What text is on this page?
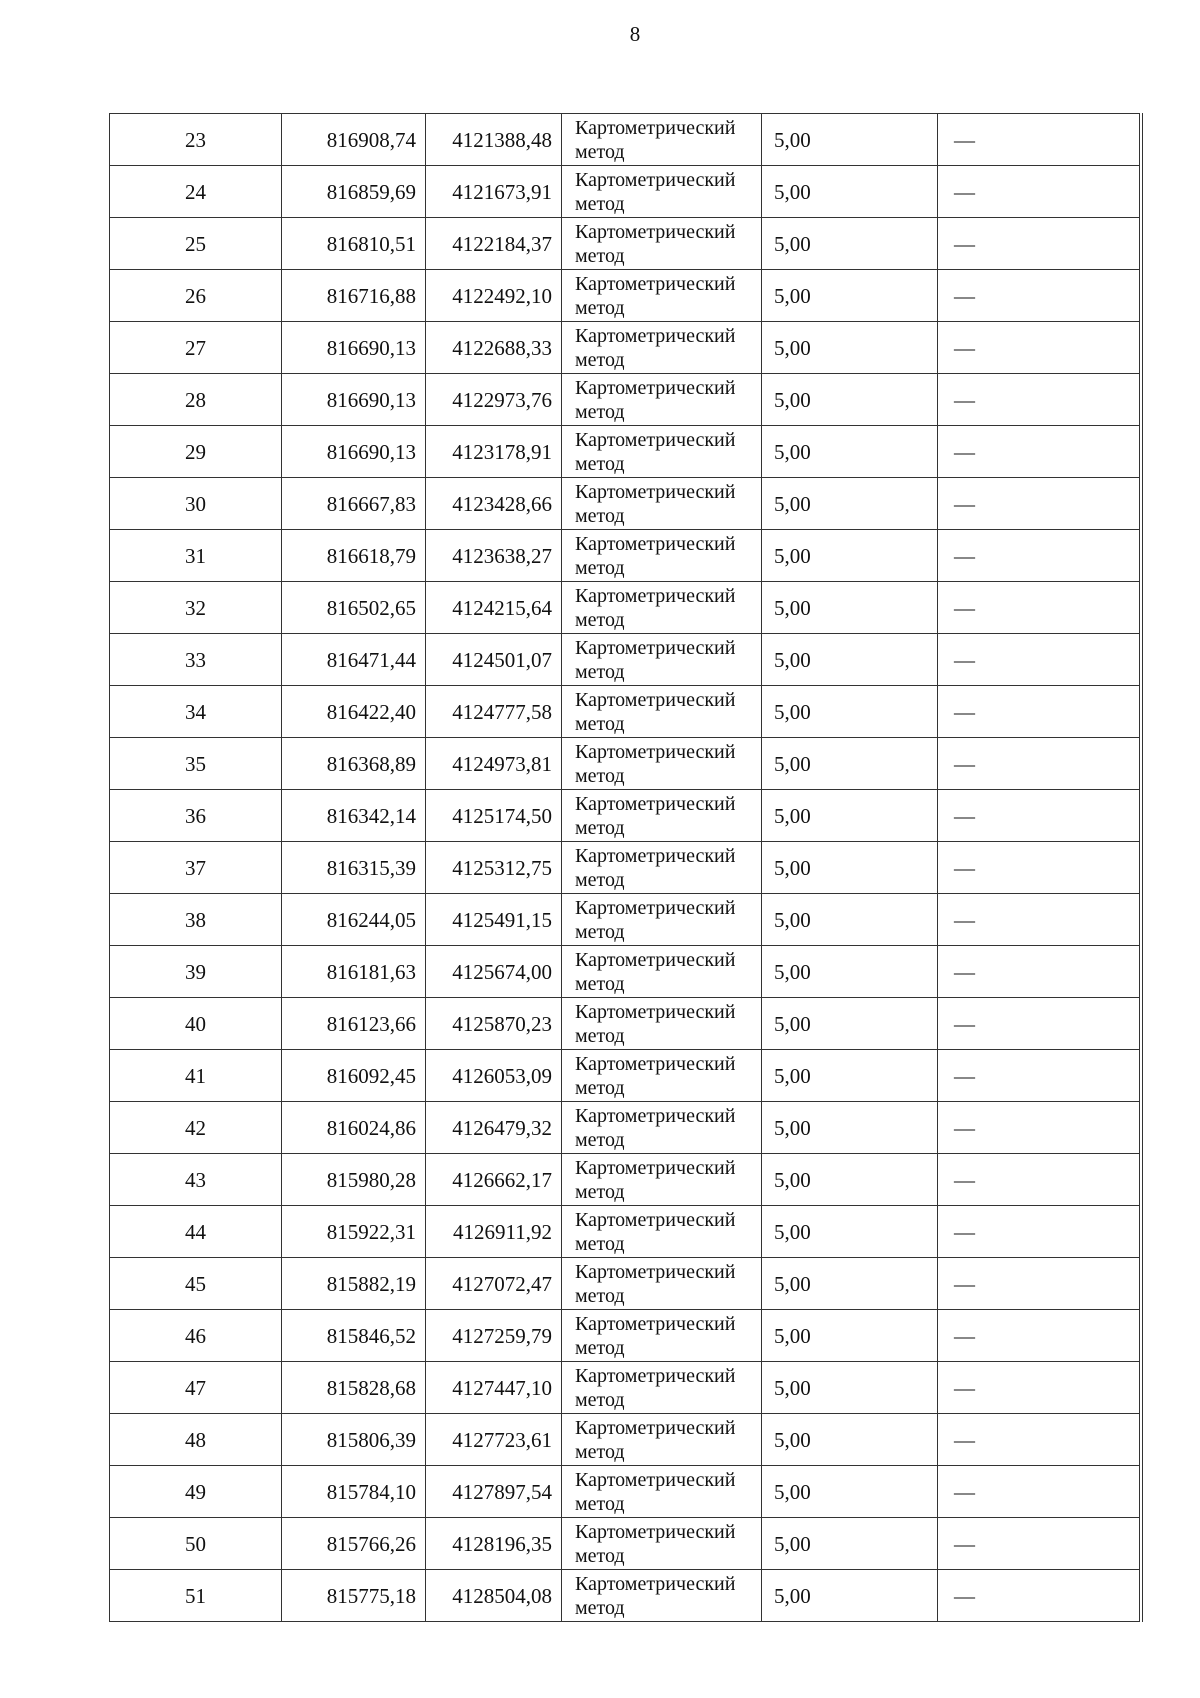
8
23	816908,74	4121388,48	Картометрический метод	5,00	—
24	816859,69	4121673,91	Картометрический метод	5,00	—
25	816810,51	4122184,37	Картометрический метод	5,00	—
26	816716,88	4122492,10	Картометрический метод	5,00	—
27	816690,13	4122688,33	Картометрический метод	5,00	—
28	816690,13	4122973,76	Картометрический метод	5,00	—
29	816690,13	4123178,91	Картометрический метод	5,00	—
30	816667,83	4123428,66	Картометрический метод	5,00	—
31	816618,79	4123638,27	Картометрический метод	5,00	—
32	816502,65	4124215,64	Картометрический метод	5,00	—
33	816471,44	4124501,07	Картометрический метод	5,00	—
34	816422,40	4124777,58	Картометрический метод	5,00	—
35	816368,89	4124973,81	Картометрический метод	5,00	—
36	816342,14	4125174,50	Картометрический метод	5,00	—
37	816315,39	4125312,75	Картометрический метод	5,00	—
38	816244,05	4125491,15	Картометрический метод	5,00	—
39	816181,63	4125674,00	Картометрический метод	5,00	—
40	816123,66	4125870,23	Картометрический метод	5,00	—
41	816092,45	4126053,09	Картометрический метод	5,00	—
42	816024,86	4126479,32	Картометрический метод	5,00	—
43	815980,28	4126662,17	Картометрический метод	5,00	—
44	815922,31	4126911,92	Картометрический метод	5,00	—
45	815882,19	4127072,47	Картометрический метод	5,00	—
46	815846,52	4127259,79	Картометрический метод	5,00	—
47	815828,68	4127447,10	Картометрический метод	5,00	—
48	815806,39	4127723,61	Картометрический метод	5,00	—
49	815784,10	4127897,54	Картометрический метод	5,00	—
50	815766,26	4128196,35	Картометрический метод	5,00	—
51	815775,18	4128504,08	Картометрический метод	5,00	—
